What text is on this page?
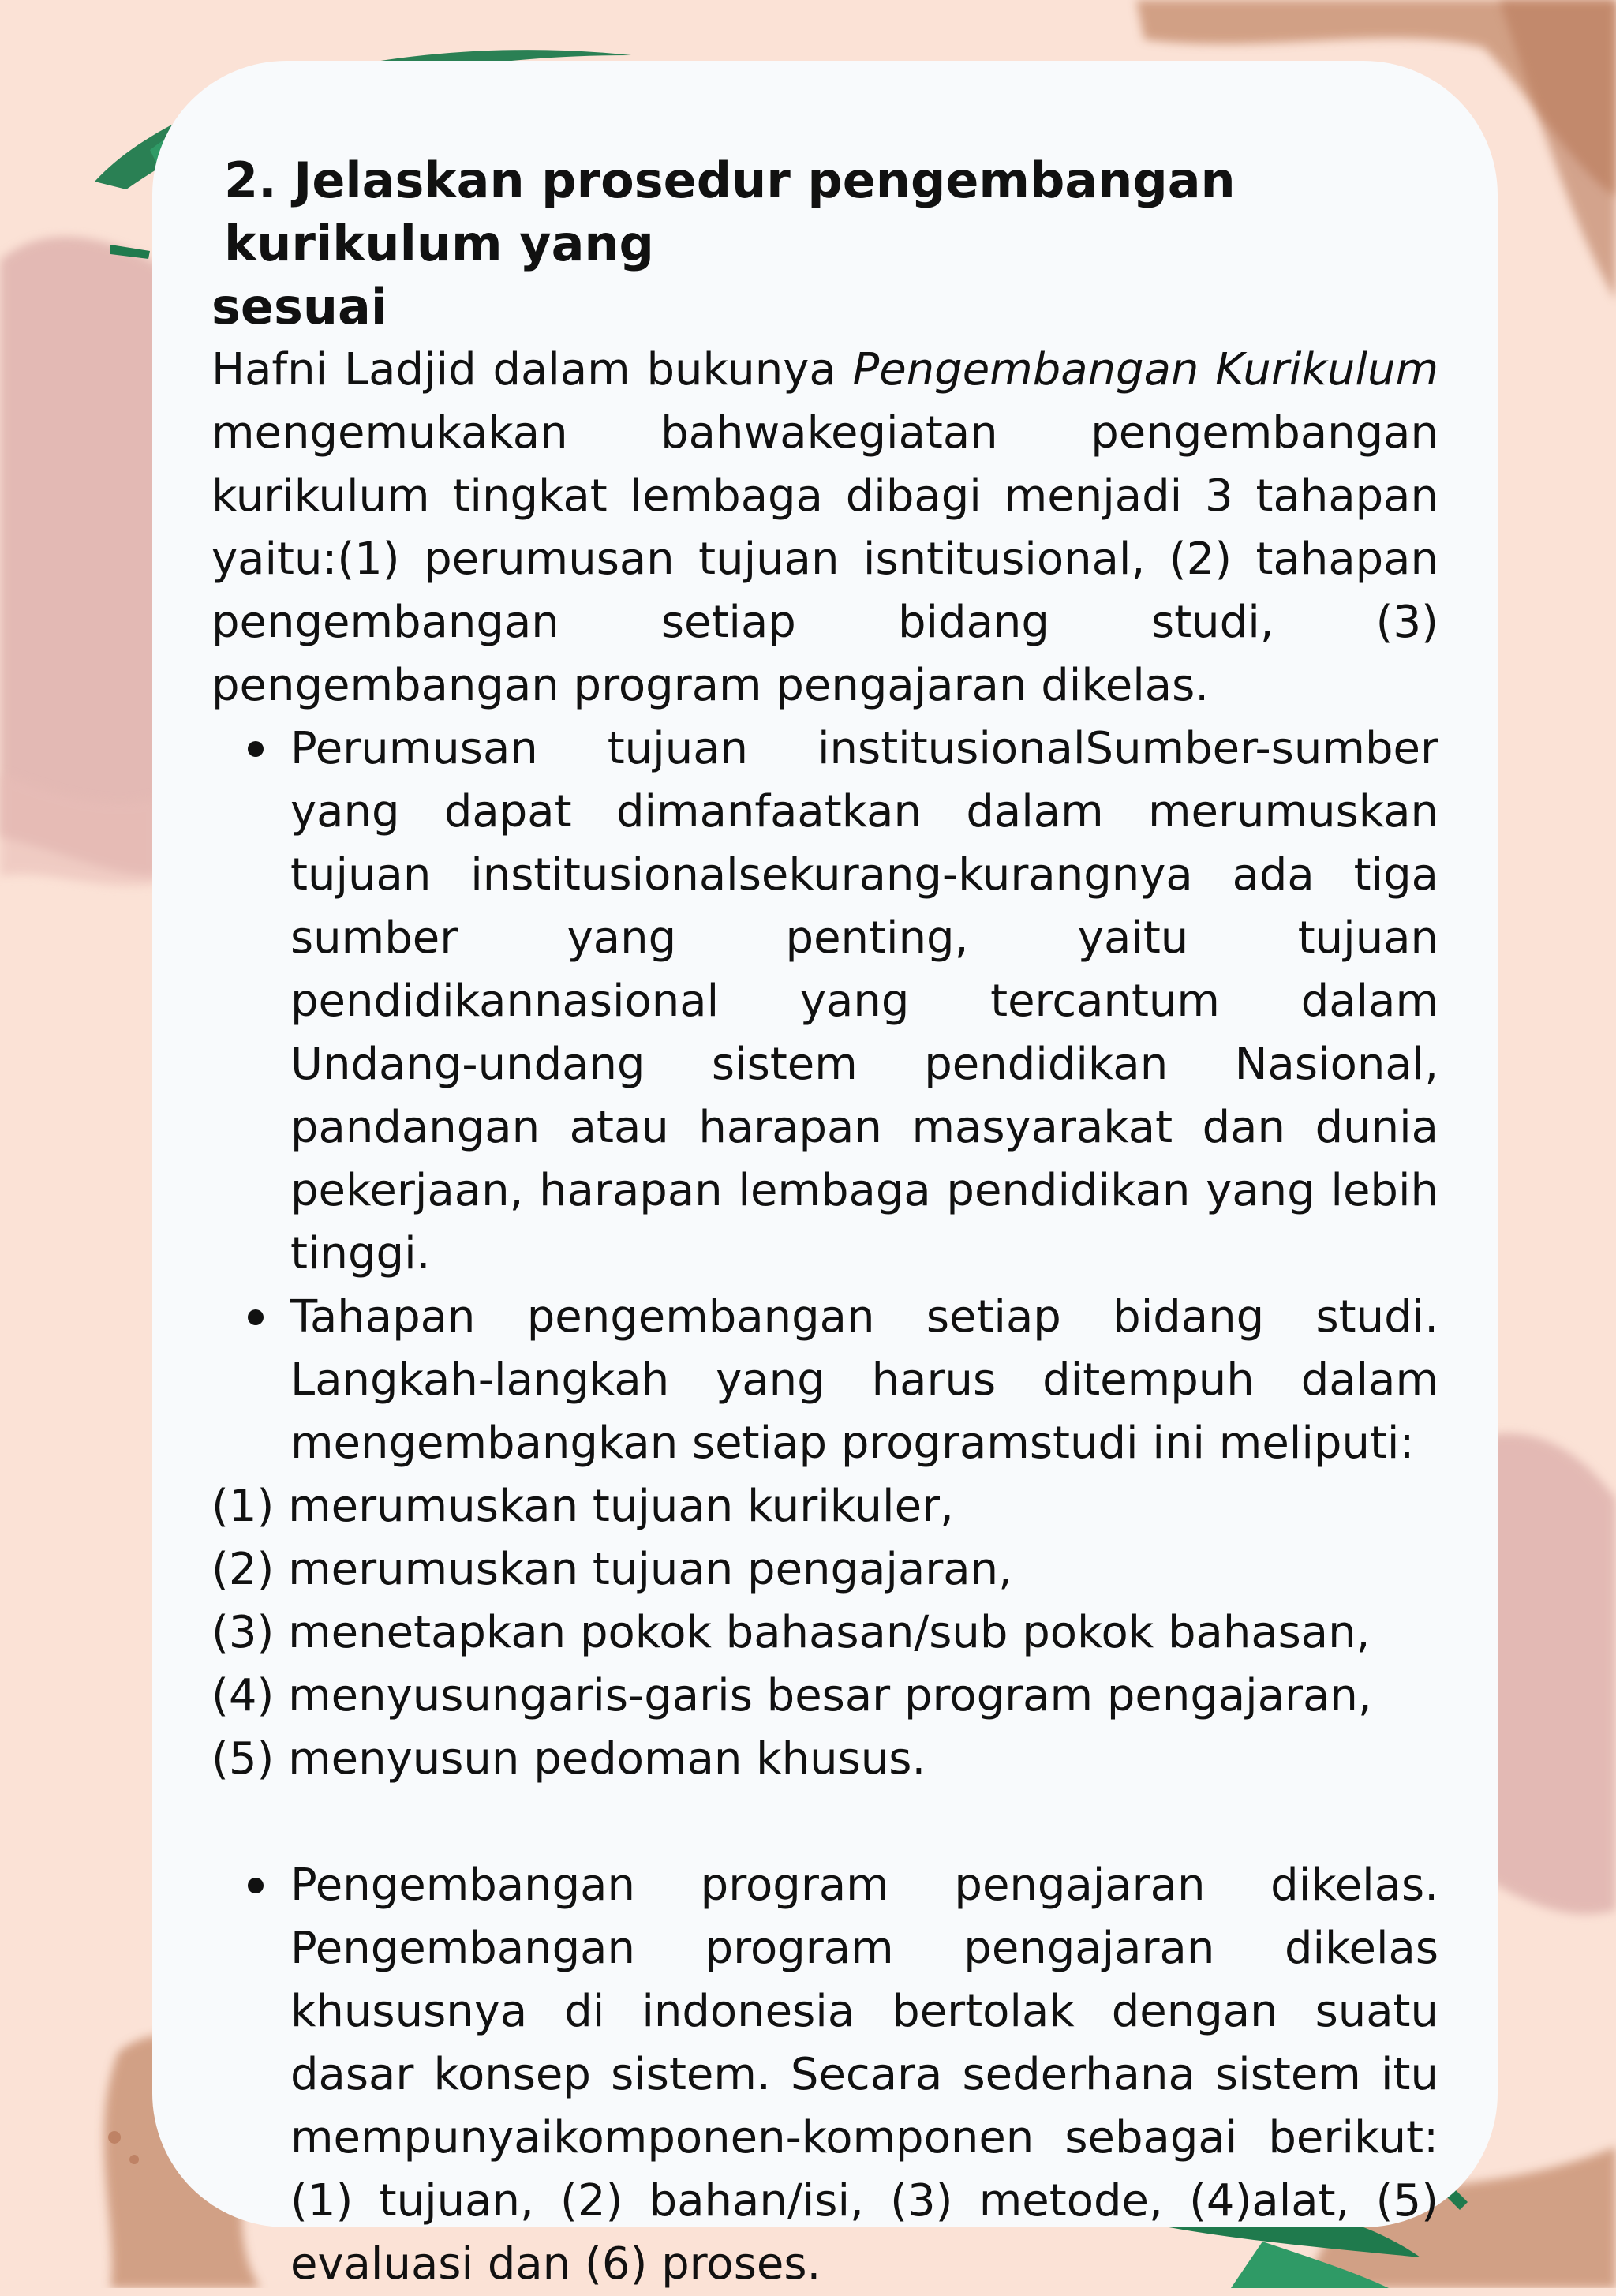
2. Jelaskan prosedur pengembangan kurikulum yang
sesuai

Hafni Ladjid dalam bukunya Pengembangan Kurikulum mengemukakan bahwakegiatan pengembangan kurikulum tingkat lembaga dibagi menjadi 3 tahapan yaitu:(1) perumusan tujuan isntitusional, (2) tahapan pengembangan setiap bidang studi, (3) pengembangan program pengajaran dikelas.

Perumusan tujuan institusionalSumber-sumber yang dapat dimanfaatkan dalam merumuskan tujuan institusionalsekurang-kurangnya ada tiga sumber yang penting, yaitu tujuan pendidikannasional yang tercantum dalam Undang-undang sistem pendidikan Nasional, pandangan atau harapan masyarakat dan dunia pekerjaan, harapan lembaga pendidikan yang lebih tinggi.
Tahapan pengembangan setiap bidang studi. Langkah-langkah yang harus ditempuh dalam mengembangkan setiap programstudi ini meliputi:
(1) merumuskan tujuan kurikuler,
(2) merumuskan tujuan pengajaran,
(3) menetapkan pokok bahasan/sub pokok bahasan,
(4) menyusungaris-garis besar program pengajaran,
(5) menyusun pedoman khusus.
Pengembangan program pengajaran dikelas. Pengembangan program pengajaran dikelas khususnya di indonesia bertolak dengan suatu dasar konsep sistem. Secara sederhana sistem itu mempunyaikomponen-komponen sebagai berikut: (1) tujuan, (2) bahan/isi, (3) metode, (4)alat, (5) evaluasi dan (6) proses.
